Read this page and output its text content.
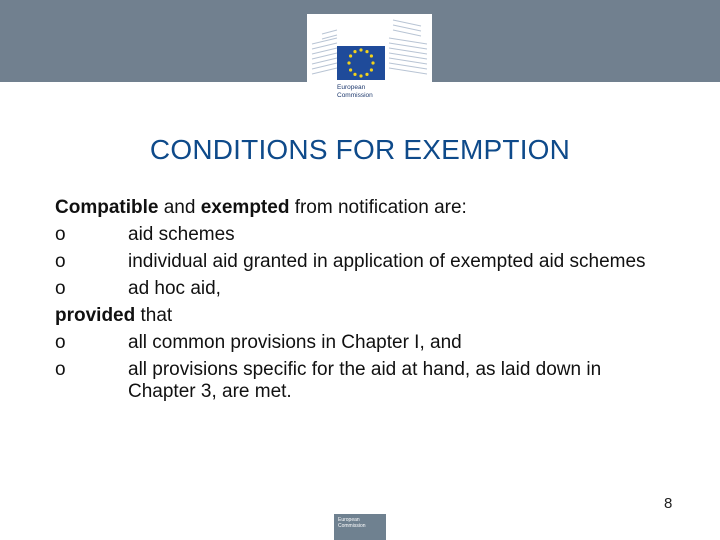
European
Commission
CONDITIONS FOR EXEMPTION
Compatible and exempted from notification are:
o	aid schemes
o	individual aid granted in application of exempted aid schemes
o	ad hoc aid,
provided that
o	all common provisions in Chapter I, and
o	all provisions specific for the aid at hand, as laid down in Chapter 3, are met.
8
European Commission
